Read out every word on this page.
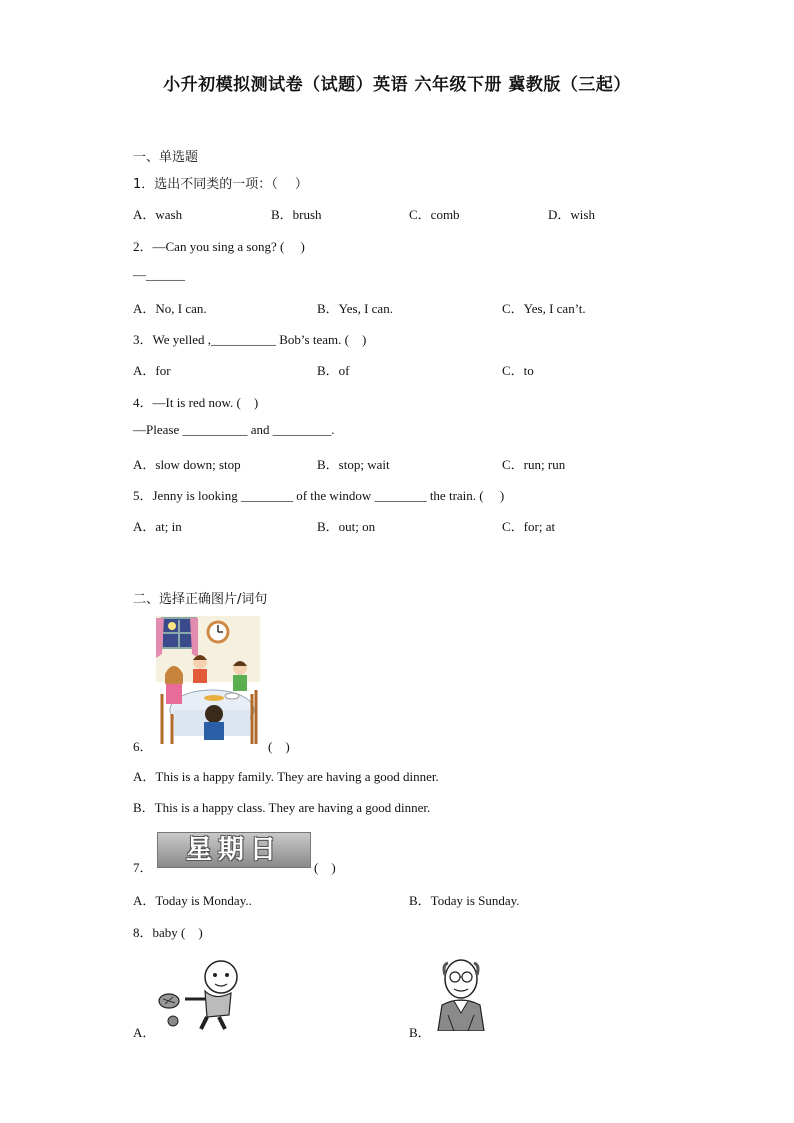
小升初模拟测试卷（试题）英语 六年级下册 冀教版（三起）
一、单选题
1．选出不同类的一项：（　 ）
A．wash	B．brush	C．comb	D．wish
2．—Can you sing a song? (　 )
—______
A．No, I can.	B．Yes, I can.	C．Yes, I can’t.
3．We yelled ,__________ Bob’s team. (　)
A．for	B．of	C．to
4．—It is red now. (　)
—Please __________ and _________.
A．slow down; stop	B．stop; wait	C．run; run
5．Jenny is looking ________ of the window ________ the train. (　 )
A．at; in	B．out; on	C．for; at
二、选择正确图片/词句
6．	(　)
A．This is a happy family. They are having a good dinner.
B．This is a happy class. They are having a good dinner.
星期日
7．	(　)
A．Today is Monday..	B．Today is Sunday.
8．baby (　)
A．	B．
